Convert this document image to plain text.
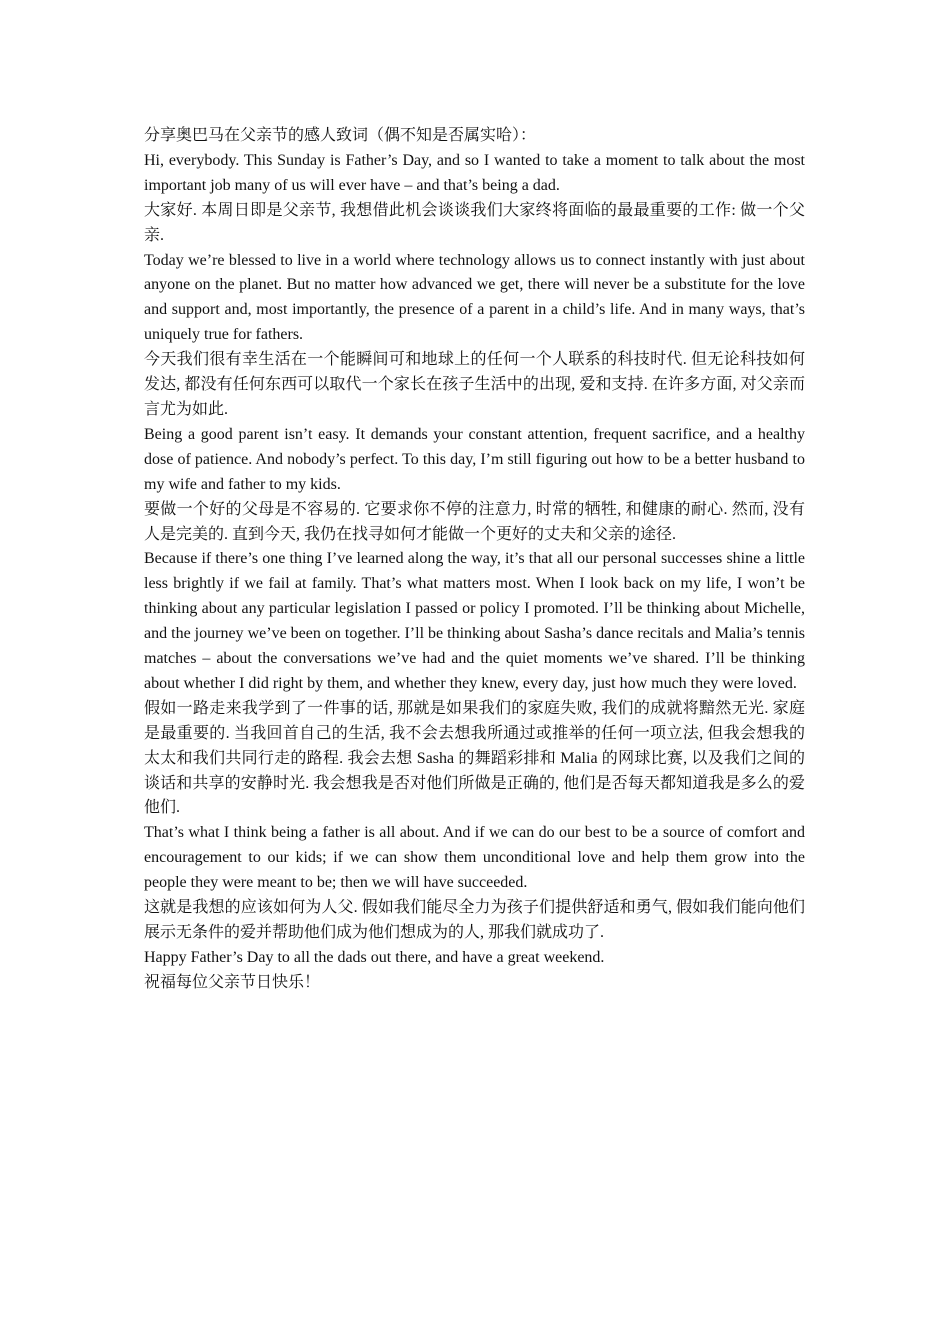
分享奥巴马在父亲节的感人致词（偶不知是否属实哈）：

Hi, everybody. This Sunday is Father’s Day, and so I wanted to take a moment to talk about the most important job many of us will ever have – and that’s being a dad.

大家好. 本周日即是父亲节, 我想借此机会谈谈我们大家终将面临的最最重要的工作: 做一个父亲.

Today we’re blessed to live in a world where technology allows us to connect instantly with just about anyone on the planet. But no matter how advanced we get, there will never be a substitute for the love and support and, most importantly, the presence of a parent in a child’s life. And in many ways, that’s uniquely true for fathers.

今天我们很有幸生活在一个能瞬间可和地球上的任何一个人联系的科技时代. 但无论科技如何发达, 都没有任何东西可以取代一个家长在孩子生活中的出现, 爱和支持. 在许多方面, 对父亲而言尤为如此.

Being a good parent isn’t easy. It demands your constant attention, frequent sacrifice, and a healthy dose of patience. And nobody’s perfect. To this day, I’m still figuring out how to be a better husband to my wife and father to my kids.

要做一个好的父母是不容易的. 它要求你不停的注意力, 时常的牺牲, 和健康的耐心. 然而, 没有人是完美的. 直到今天, 我仍在找寻如何才能做一个更好的丈夫和父亲的途径.

Because if there’s one thing I’ve learned along the way, it’s that all our personal successes shine a little less brightly if we fail at family. That’s what matters most. When I look back on my life, I won’t be thinking about any particular legislation I passed or policy I promoted. I’ll be thinking about Michelle, and the journey we’ve been on together. I’ll be thinking about Sasha’s dance recitals and Malia’s tennis matches – about the conversations we’ve had and the quiet moments we’ve shared. I’ll be thinking about whether I did right by them, and whether they knew, every day, just how much they were loved.

假如一路走来我学到了一件事的话, 那就是如果我们的家庭失败, 我们的成就将黯然无光. 家庭是最重要的. 当我回首自己的生活, 我不会去想我所通过或推举的任何一项立法, 但我会想我的太太和我们共同行走的路程. 我会去想 Sasha 的舞蹈彩排和 Malia 的网球比赛, 以及我们之间的谈话和共享的安静时光. 我会想我是否对他们所做是正确的, 他们是否每天都知道我是多么的爱他们.

That’s what I think being a father is all about. And if we can do our best to be a source of comfort and encouragement to our kids; if we can show them unconditional love and help them grow into the people they were meant to be; then we will have succeeded.

这就是我想的应该如何为人父. 假如我们能尽全力为孩子们提供舒适和勇气, 假如我们能向他们展示无条件的爱并帮助他们成为他们想成为的人, 那我们就成功了.

Happy Father’s Day to all the dads out there, and have a great weekend.

祝福每位父亲节日快乐！
